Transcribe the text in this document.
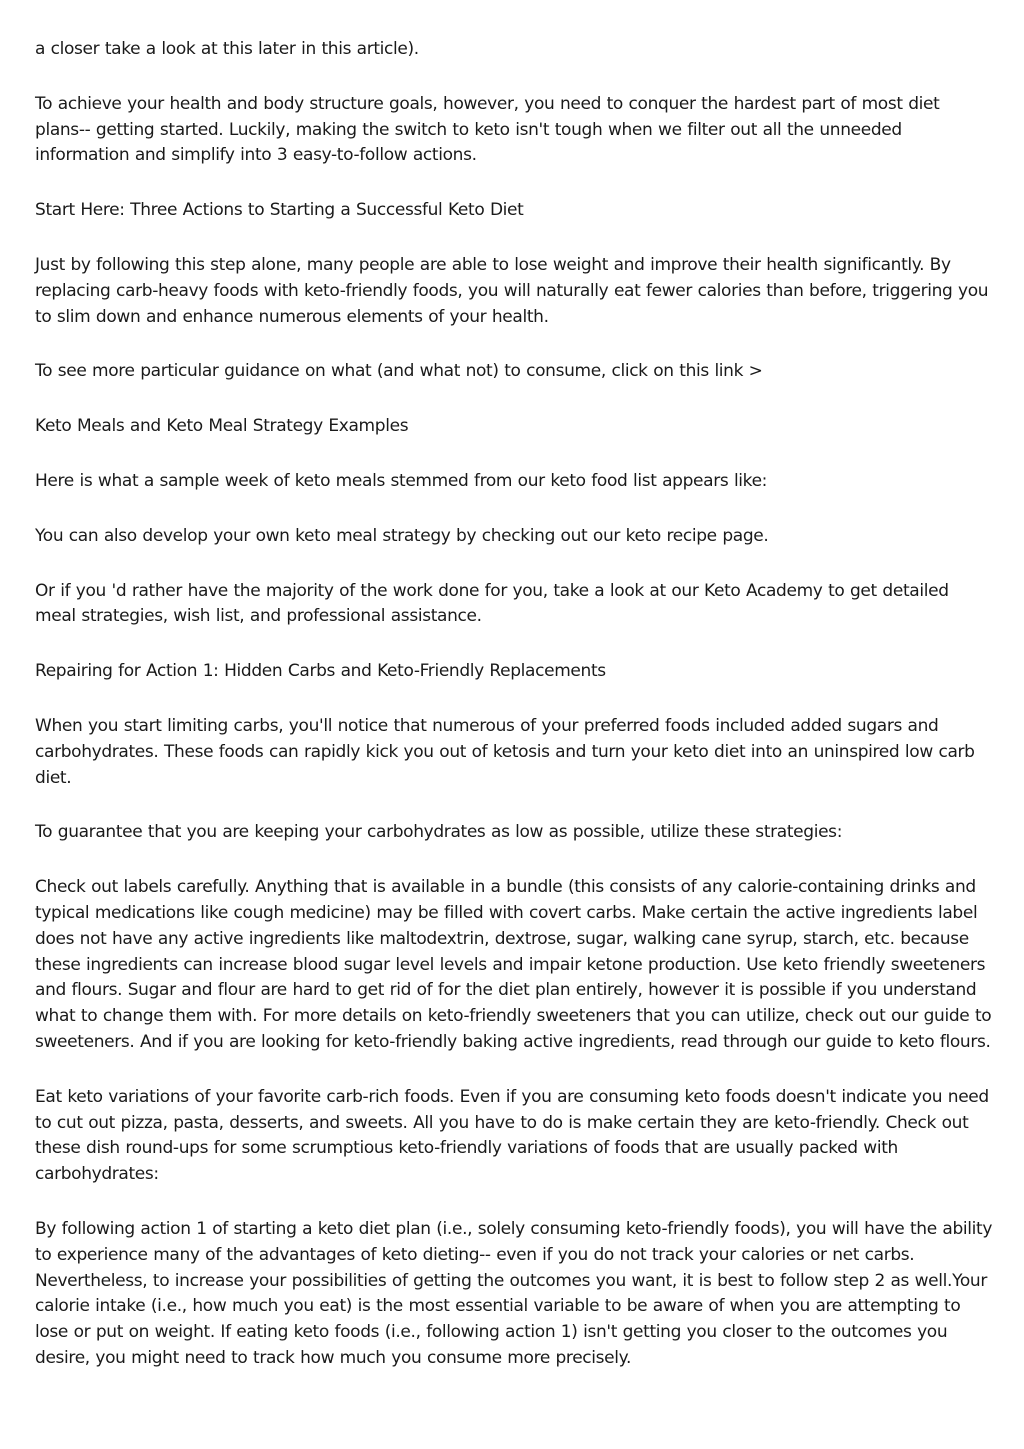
a closer take a look at this later in this article).

To achieve your health and body structure goals, however, you need to conquer the hardest part of most diet plans-- getting started. Luckily, making the switch to keto isn't tough when we filter out all the unneeded information and simplify into 3 easy-to-follow actions.

Start Here: Three Actions to Starting a Successful Keto Diet

Just by following this step alone, many people are able to lose weight and improve their health significantly. By replacing carb-heavy foods with keto-friendly foods, you will naturally eat fewer calories than before, triggering you to slim down and enhance numerous elements of your health.

To see more particular guidance on what (and what not) to consume, click on this link >

Keto Meals and Keto Meal Strategy Examples

Here is what a sample week of keto meals stemmed from our keto food list appears like:

You can also develop your own keto meal strategy by checking out our keto recipe page.

Or if you 'd rather have the majority of the work done for you, take a look at our Keto Academy to get detailed meal strategies, wish list, and professional assistance.

Repairing for Action 1: Hidden Carbs and Keto-Friendly Replacements

When you start limiting carbs, you'll notice that numerous of your preferred foods included added sugars and carbohydrates. These foods can rapidly kick you out of ketosis and turn your keto diet into an uninspired low carb diet.

To guarantee that you are keeping your carbohydrates as low as possible, utilize these strategies:

Check out labels carefully. Anything that is available in a bundle (this consists of any calorie-containing drinks and typical medications like cough medicine) may be filled with covert carbs. Make certain the active ingredients label does not have any active ingredients like maltodextrin, dextrose, sugar, walking cane syrup, starch, etc. because these ingredients can increase blood sugar level levels and impair ketone production. Use keto friendly sweeteners and flours. Sugar and flour are hard to get rid of for the diet plan entirely, however it is possible if you understand what to change them with. For more details on keto-friendly sweeteners that you can utilize, check out our guide to sweeteners. And if you are looking for keto-friendly baking active ingredients, read through our guide to keto flours.

Eat keto variations of your favorite carb-rich foods. Even if you are consuming keto foods doesn't indicate you need to cut out pizza, pasta, desserts, and sweets. All you have to do is make certain they are keto-friendly. Check out these dish round-ups for some scrumptious keto-friendly variations of foods that are usually packed with carbohydrates:

By following action 1 of starting a keto diet plan (i.e., solely consuming keto-friendly foods), you will have the ability to experience many of the advantages of keto dieting-- even if you do not track your calories or net carbs. Nevertheless, to increase your possibilities of getting the outcomes you want, it is best to follow step 2 as well.Your calorie intake (i.e., how much you eat) is the most essential variable to be aware of when you are attempting to lose or put on weight. If eating keto foods (i.e., following action 1) isn't getting you closer to the outcomes you desire, you might need to track how much you consume more precisely.
